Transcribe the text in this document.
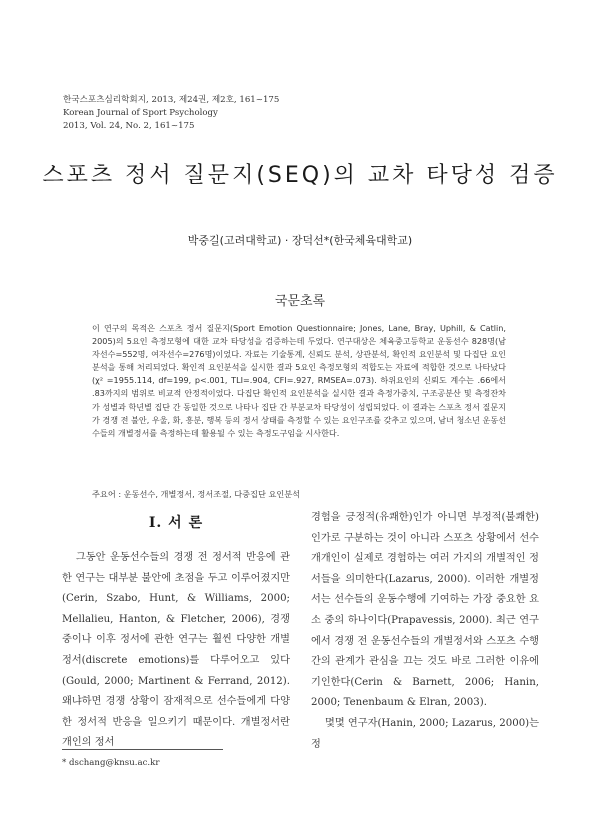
한국스포츠심리학회지, 2013, 제24권, 제2호, 161~175
Korean Journal of Sport Psychology
2013, Vol. 24, No. 2, 161~175
스포츠 정서 질문지(SEQ)의 교차 타당성 검증
박중길(고려대학교) · 장덕선*(한국체육대학교)
국문초록
이 연구의 목적은 스포츠 정서 질문지(Sport Emotion Questionnaire; Jones, Lane, Bray, Uphill, & Catlin, 2005)의 5요인 측정모형에 대한 교차 타당성을 검증하는데 두었다. 연구대상은 체육중고등학교 운동선수 828명(남자선수=552명, 여자선수=276명)이었다. 자료는 기술통계, 신뢰도 분석, 상관분석, 확인적 요인분석 및 다집단 요인분석을 통해 처리되었다. 확인적 요인분석을 실시한 결과 5요인 측정모형의 적합도는 자료에 적합한 것으로 나타났다(χ² =1955.114, df=199, p<.001, TLI=.904, CFI=.927, RMSEA=.073). 하위요인의 신뢰도 계수는 .66에서 .83까지의 범위로 비교적 안정적이었다. 다집단 확인적 요인분석을 실시한 결과 측정가중치, 구조공분산 및 측정잔차가 성별과 학년별 집단 간 동일한 것으로 나타나 집단 간 부분교차 타당성이 성립되었다. 이 결과는 스포츠 정서 질문지가 경쟁 전 불안, 우울, 화, 흥분, 행복 등의 정서 상태를 측정할 수 있는 요인구조를 갖추고 있으며, 남녀 청소년 운동선수들의 개별정서를 측정하는데 활용될 수 있는 측정도구임을 시사한다.
주요어 : 운동선수, 개별정서, 정서조절, 다중집단 요인분석
I. 서 론
그동안 운동선수들의 경쟁 전 정서적 반응에 관한 연구는 대부분 불안에 초점을 두고 이루어졌지만(Cerin, Szabo, Hunt, & Williams, 2000; Mellalieu, Hanton, & Fletcher, 2006), 경쟁 중이나 이후 정서에 관한 연구는 훨씬 다양한 개별정서(discrete emotions)를 다루어오고 있다(Gould, 2000; Martinent & Ferrand, 2012). 왜냐하면 경쟁 상황이 잠재적으로 선수들에게 다양한 정서적 반응을 일으키기 때문이다. 개별정서란 개인의 정서

경험을 긍정적(유쾌한)인가 아니면 부정적(불쾌한)인가로 구분하는 것이 아니라 스포츠 상황에서 선수 개개인이 실제로 경험하는 여러 가지의 개별적인 정서들을 의미한다(Lazarus, 2000). 이러한 개별정서는 선수들의 운동수행에 기여하는 가장 중요한 요소 중의 하나이다(Prapavessis, 2000). 최근 연구에서 경쟁 전 운동선수들의 개별정서와 스포츠 수행 간의 관계가 관심을 끄는 것도 바로 그러한 이유에 기인한다(Cerin & Barnett, 2006; Hanin, 2000; Tenenbaum & Elran, 2003).

몇몇 연구자(Hanin, 2000; Lazarus, 2000)는 정

* dschang@knsu.ac.kr
